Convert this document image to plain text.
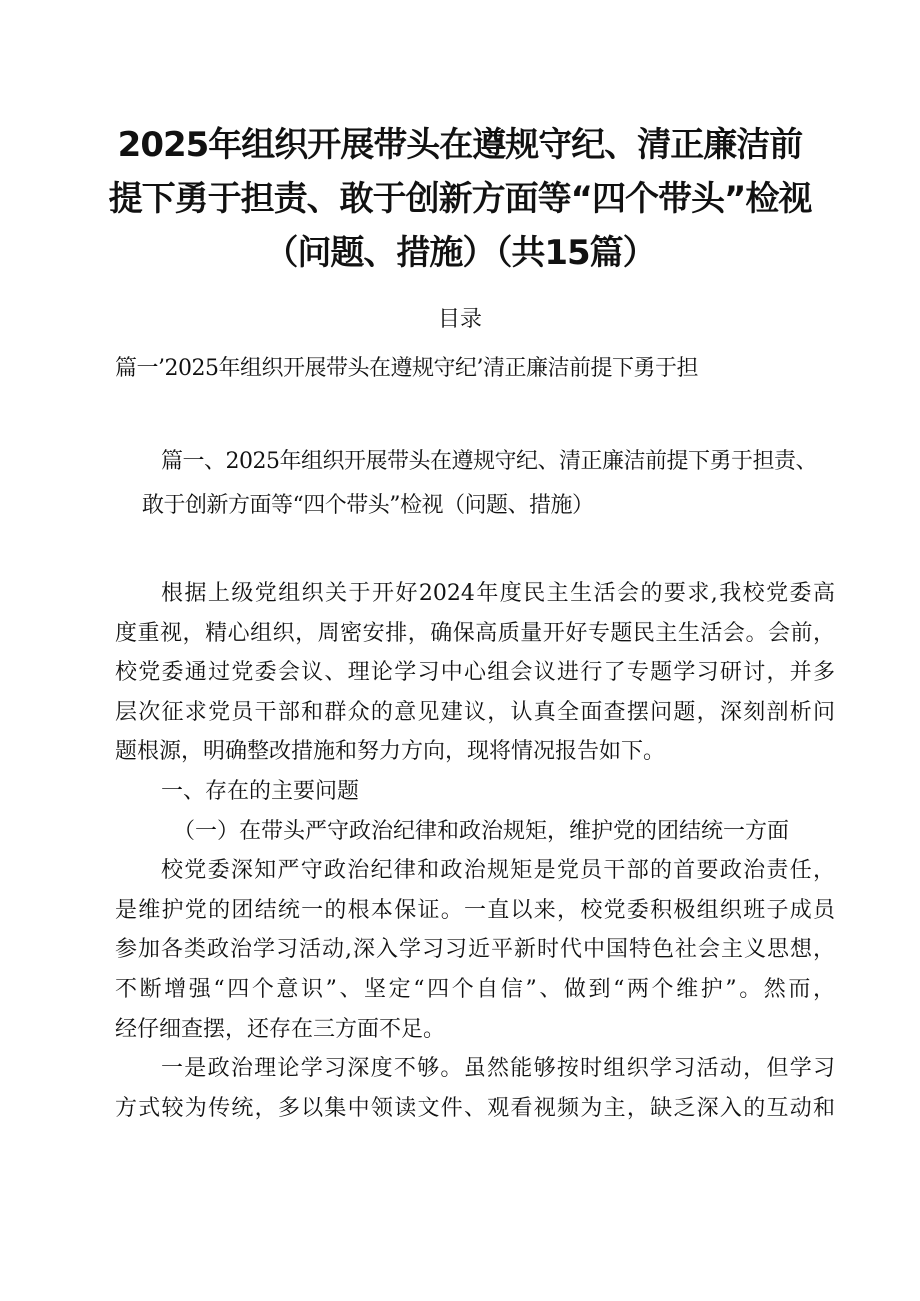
2025年组织开展带头在遵规守纪、清正廉洁前
提下勇于担责、敢于创新方面等“四个带头”检视
（问题、措施）（共15篇）
目录
篇一’2025年组织开展带头在遵规守纪’清正廉洁前提下勇于担
篇一、2025年组织开展带头在遵规守纪、清正廉洁前提下勇于担责、
敢于创新方面等“四个带头”检视（问题、措施）
根据上级党组织关于开好2024年度民主生活会的要求,我校党委高
度重视，精心组织，周密安排，确保高质量开好专题民主生活会。会前，
校党委通过党委会议、理论学习中心组会议进行了专题学习研讨，并多
层次征求党员干部和群众的意见建议，认真全面查摆问题，深刻剖析问
题根源，明确整改措施和努力方向，现将情况报告如下。
一、存在的主要问题
（一）在带头严守政治纪律和政治规矩，维护党的团结统一方面
校党委深知严守政治纪律和政治规矩是党员干部的首要政治责任，
是维护党的团结统一的根本保证。一直以来，校党委积极组织班子成员
参加各类政治学习活动,深入学习习近平新时代中国特色社会主义思想，
不断增强“四个意识”、坚定“四个自信”、做到“两个维护”。然而，
经仔细查摆，还存在三方面不足。
一是政治理论学习深度不够。虽然能够按时组织学习活动，但学习
方式较为传统，多以集中领读文件、观看视频为主，缺乏深入的互动和
